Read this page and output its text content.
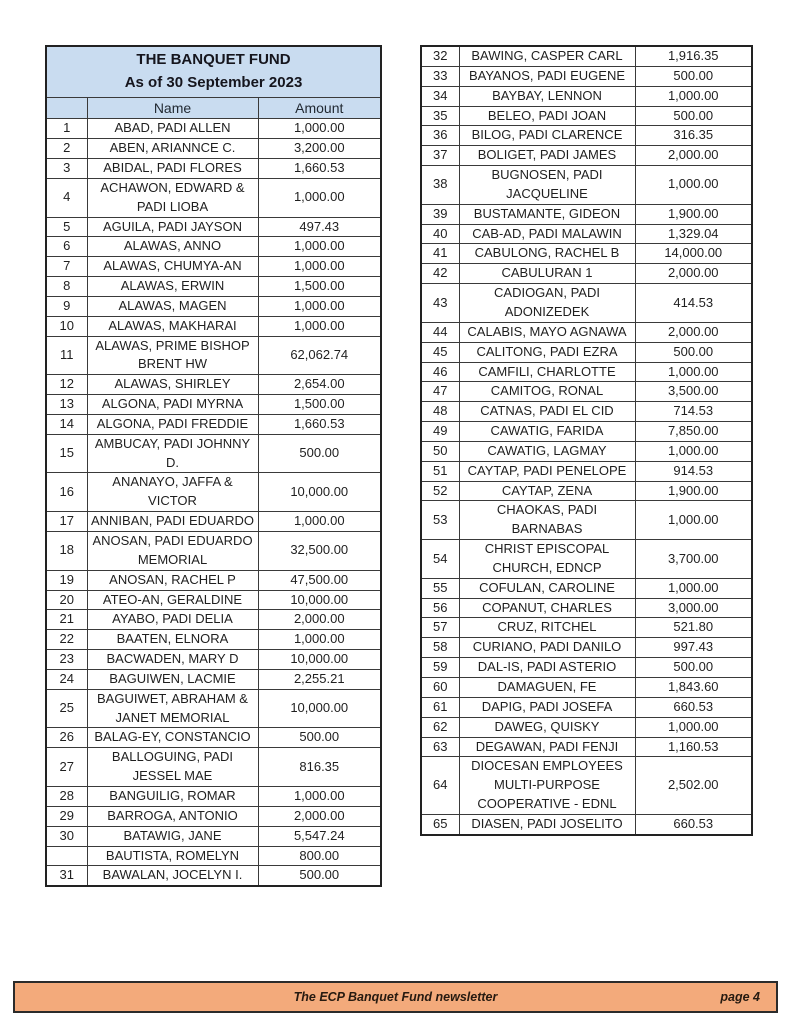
THE BANQUET FUND
As of 30 September 2023		

	Name	Amount
1	ABAD, PADI ALLEN	1,000.00
2	ABEN, ARIANNCE C.	3,200.00
3	ABIDAL, PADI FLORES	1,660.53
4	ACHAWON, EDWARD & PADI LIOBA	1,000.00
5	AGUILA, PADI JAYSON	497.43
6	ALAWAS, ANNO	1,000.00
7	ALAWAS, CHUMYA-AN	1,000.00
8	ALAWAS, ERWIN	1,500.00
9	ALAWAS, MAGEN	1,000.00
10	ALAWAS, MAKHARAI	1,000.00
11	ALAWAS, PRIME BISHOP BRENT HW	62,062.74
12	ALAWAS, SHIRLEY	2,654.00
13	ALGONA, PADI MYRNA	1,500.00
14	ALGONA, PADI FREDDIE	1,660.53
15	AMBUCAY, PADI JOHNNY D.	500.00
16	ANANAYO, JAFFA & VICTOR	10,000.00
17	ANNIBAN, PADI EDUARDO	1,000.00
18	ANOSAN, PADI EDUARDO MEMORIAL	32,500.00
19	ANOSAN, RACHEL P	47,500.00
20	ATEO-AN, GERALDINE	10,000.00
21	AYABO, PADI DELIA	2,000.00
22	BAATEN, ELNORA	1,000.00
23	BACWADEN, MARY D	10,000.00
24	BAGUIWEN, LACMIE	2,255.21
25	BAGUIWET, ABRAHAM & JANET MEMORIAL	10,000.00
26	BALAG-EY, CONSTANCIO	500.00
27	BALLOGUING, PADI JESSEL MAE	816.35
28	BANGUILIG, ROMAR	1,000.00
29	BARROGA, ANTONIO	2,000.00
30	BATAWIG, JANE	5,547.24
	BAUTISTA, ROMELYN	800.00
31	BAWALAN, JOCELYN I.	500.00
32	BAWING, CASPER CARL	1,916.35
33	BAYANOS, PADI EUGENE	500.00
34	BAYBAY, LENNON	1,000.00
35	BELEO, PADI JOAN	500.00
36	BILOG, PADI CLARENCE	316.35
37	BOLIGET, PADI JAMES	2,000.00
38	BUGNOSEN, PADI JACQUELINE	1,000.00
39	BUSTAMANTE, GIDEON	1,900.00
40	CAB-AD, PADI MALAWIN	1,329.04
41	CABULONG, RACHEL B	14,000.00
42	CABULURAN 1	2,000.00
43	CADIOGAN, PADI ADONIZEDEK	414.53
44	CALABIS, MAYO AGNAWA	2,000.00
45	CALITONG, PADI EZRA	500.00
46	CAMFILI, CHARLOTTE	1,000.00
47	CAMITOG, RONAL	3,500.00
48	CATNAS, PADI EL CID	714.53
49	CAWATIG, FARIDA	7,850.00
50	CAWATIG, LAGMAY	1,000.00
51	CAYTAP, PADI PENELOPE	914.53
52	CAYTAP, ZENA	1,900.00
53	CHAOKAS, PADI BARNABAS	1,000.00
54	CHRIST EPISCOPAL CHURCH, EDNCP	3,700.00
55	COFULAN, CAROLINE	1,000.00
56	COPANUT, CHARLES	3,000.00
57	CRUZ, RITCHEL	521.80
58	CURIANO, PADI DANILO	997.43
59	DAL-IS, PADI ASTERIO	500.00
60	DAMAGUEN, FE	1,843.60
61	DAPIG, PADI JOSEFA	660.53
62	DAWEG, QUISKY	1,000.00
63	DEGAWAN, PADI FENJI	1,160.53
64	DIOCESAN EMPLOYEES MULTI-PURPOSE COOPERATIVE - EDNL	2,502.00
65	DIASEN, PADI JOSELITO	660.53
The ECP Banquet Fund newsletter	page 4
